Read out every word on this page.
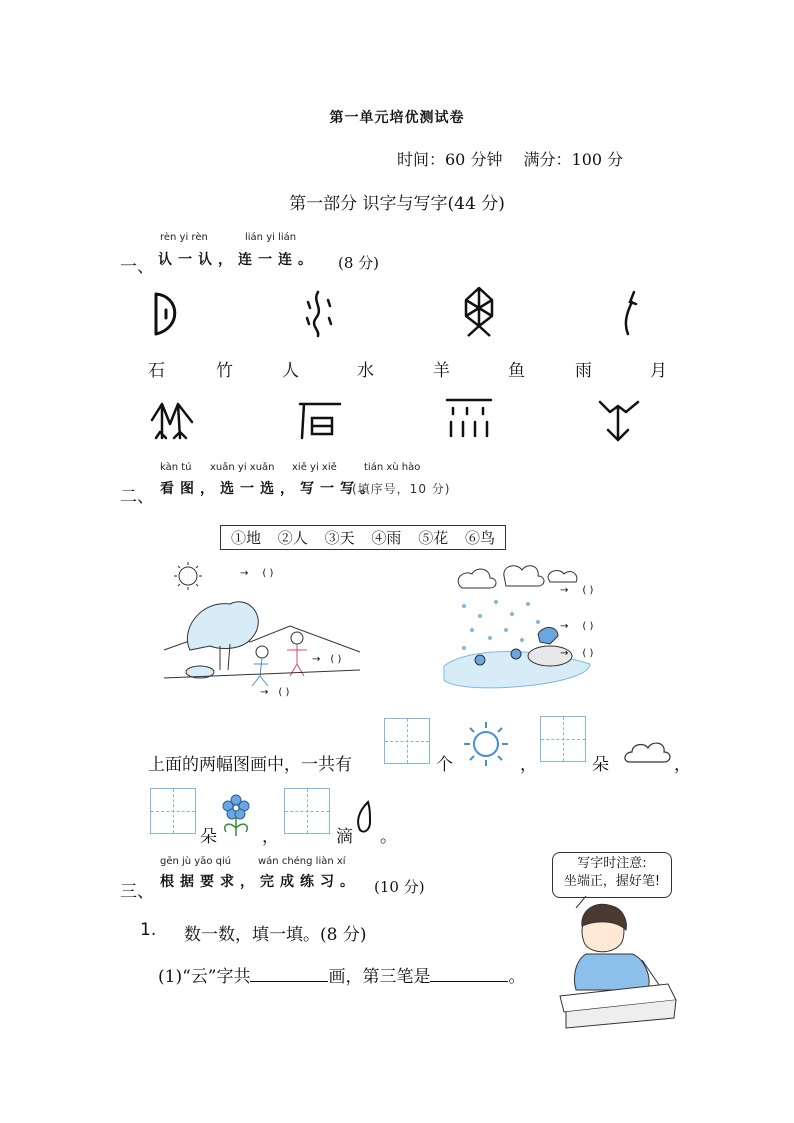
第一单元培优测试卷
时间：60 分钟 满分：100 分
第一部分 识字与写字(44 分)
rèn yi rèn	lián yi lián
一、 认一认，连一连。 (8 分)
石	竹	人	水	羊	鱼	雨	月
kàn tú xuǎn yi xuǎn xiě yi xiě	tián xù hào
二、 看图，选一选，写一写。
(填序号，10 分)
①地 ②人 ③天 ④雨 ⑤花 ⑥鸟
→ ( )
→ ( )
→ ( )
→ ( )
→ ( )
→ ( )
上面的两幅图画中，一共有	个	，	朵	，
朵	，	滴 。
gēn jù yāo qiú	wán chéng liàn xí
三、 根据要求，完成练习。 (10 分)
写字时注意:
坐端正，握好笔!
1. 数一数，填一填。(8 分)
(1)“云”字共	画，第三笔是	。
